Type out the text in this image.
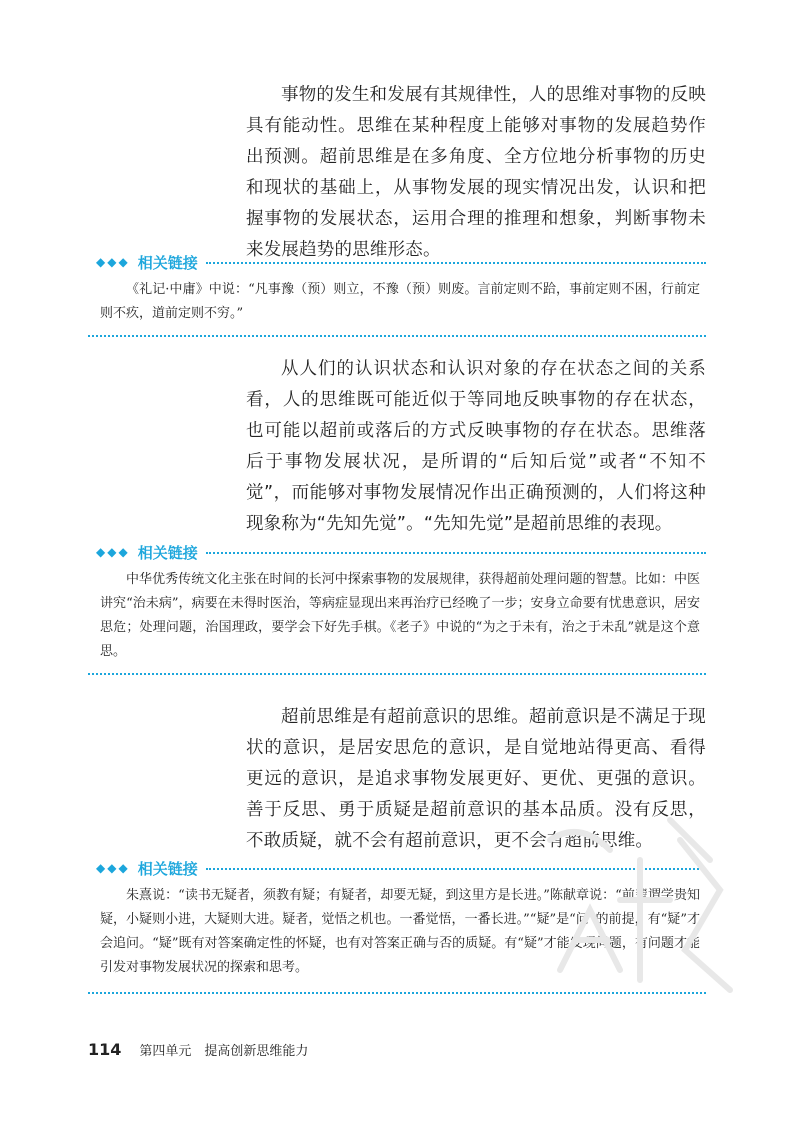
事物的发生和发展有其规律性，人的思维对事物的反映具有能动性。思维在某种程度上能够对事物的发展趋势作出预测。超前思维是在多角度、全方位地分析事物的历史和现状的基础上，从事物发展的现实情况出发，认识和把握事物的发展状态，运用合理的推理和想象，判断事物未来发展趋势的思维形态。

◆◆◆ 相关链接

《礼记·中庸》中说：“凡事豫（预）则立，不豫（预）则废。言前定则不跲，事前定则不困，行前定则不疚，道前定则不穷。”

从人们的认识状态和认识对象的存在状态之间的关系看，人的思维既可能近似于等同地反映事物的存在状态，也可能以超前或落后的方式反映事物的存在状态。思维落后于事物发展状况，是所谓的“后知后觉”或者“不知不觉”，而能够对事物发展情况作出正确预测的，人们将这种现象称为“先知先觉”。“先知先觉”是超前思维的表现。

◆◆◆ 相关链接

中华优秀传统文化主张在时间的长河中探索事物的发展规律，获得超前处理问题的智慧。比如：中医讲究“治未病”，病要在未得时医治，等病症显现出来再治疗已经晚了一步；安身立命要有忧患意识，居安思危；处理问题，治国理政，要学会下好先手棋。《老子》中说的“为之于未有，治之于未乱”就是这个意思。

超前思维是有超前意识的思维。超前意识是不满足于现状的意识，是居安思危的意识，是自觉地站得更高、看得更远的意识，是追求事物发展更好、更优、更强的意识。善于反思、勇于质疑是超前意识的基本品质。没有反思，不敢质疑，就不会有超前意识，更不会有超前思维。

◆◆◆ 相关链接

朱熹说：“读书无疑者，须教有疑；有疑者，却要无疑，到这里方是长进。”陈献章说：“前辈谓学贵知疑，小疑则小进，大疑则大进。疑者，觉悟之机也。一番觉悟，一番长进。”“疑”是“问”的前提，有“疑”才会追问。“疑”既有对答案确定性的怀疑，也有对答案正确与否的质疑。有“疑”才能发现问题，有问题才能引发对事物发展状况的探索和思考。

114 第四单元　提高创新思维能力
